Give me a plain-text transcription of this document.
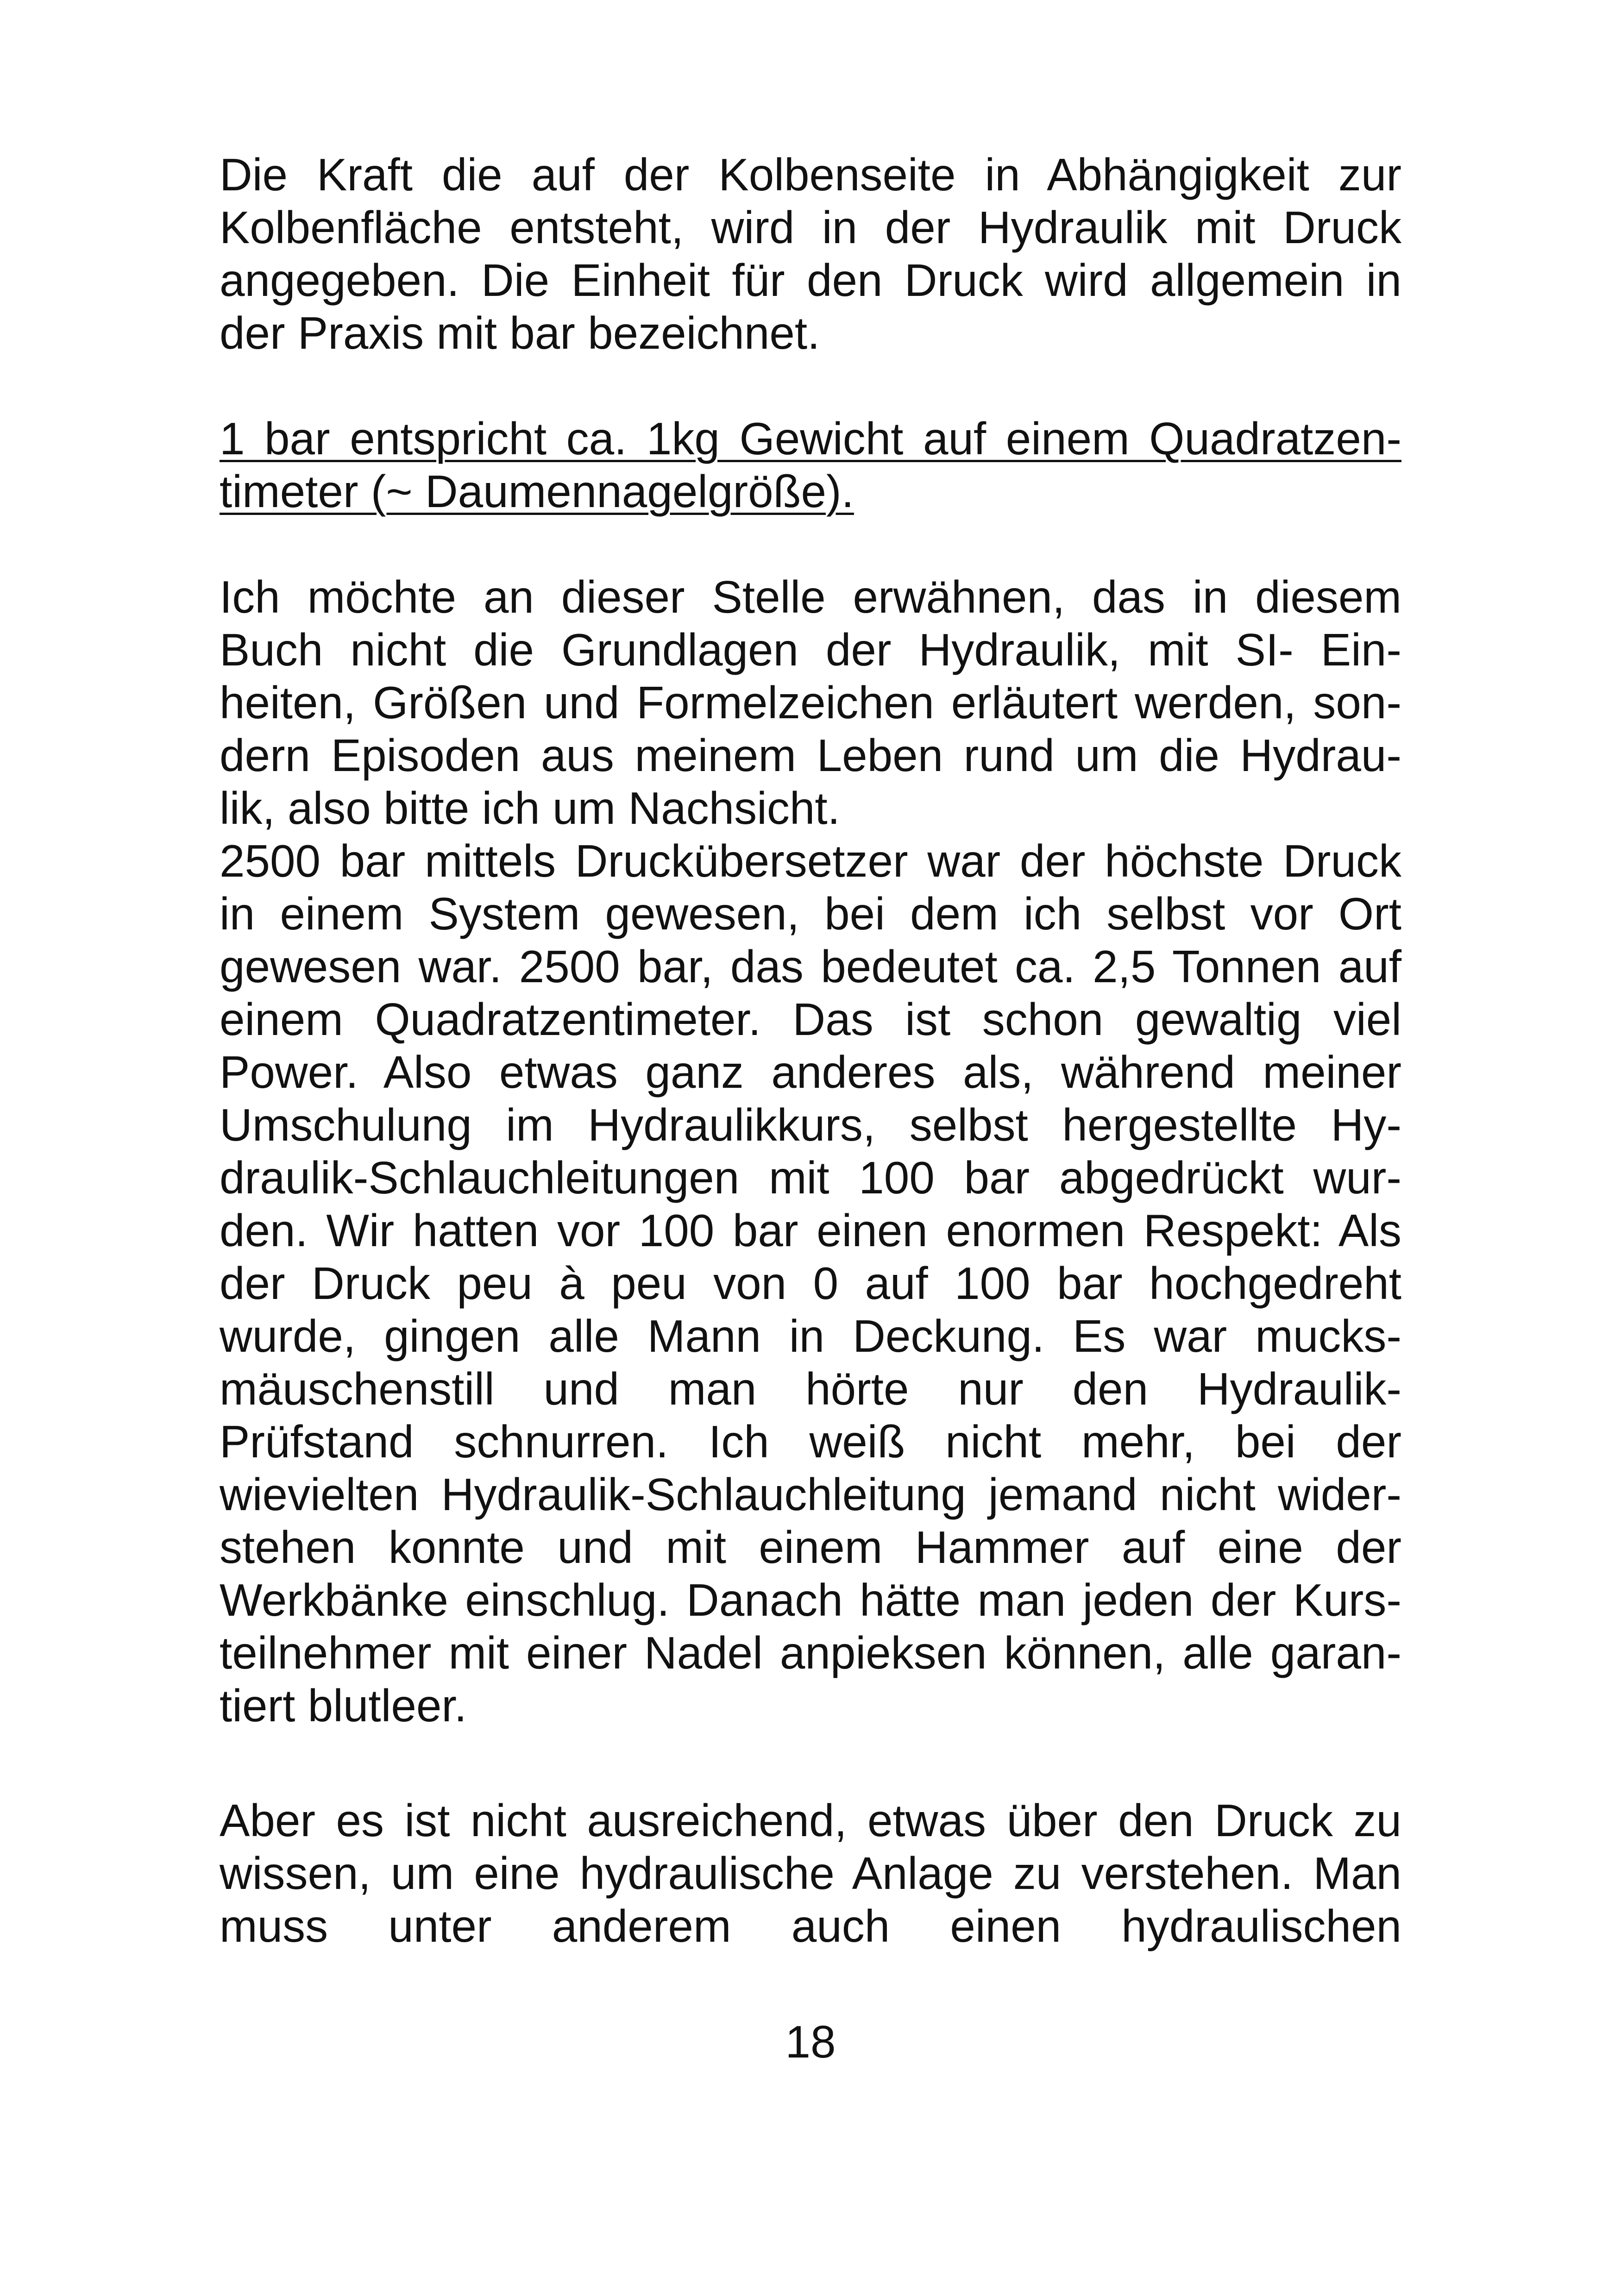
Die Kraft die auf der Kolbenseite in Abhängigkeit zur
Kolbenfläche entsteht, wird in der Hydraulik mit Druck
angegeben. Die Einheit für den Druck wird allgemein in
der Praxis mit bar bezeichnet.
1 bar entspricht ca. 1kg Gewicht auf einem Quadratzen-
timeter (~ Daumennagelgröße).
Ich möchte an dieser Stelle erwähnen, das in diesem
Buch nicht die Grundlagen der Hydraulik, mit SI- Ein-
heiten, Größen und Formelzeichen erläutert werden, son-
dern Episoden aus meinem Leben rund um die Hydrau-
lik, also bitte ich um Nachsicht.
2500 bar mittels Druckübersetzer war der höchste Druck
in einem System gewesen, bei dem ich selbst vor Ort
gewesen war. 2500 bar, das bedeutet ca. 2,5 Tonnen auf
einem Quadratzentimeter. Das ist schon gewaltig viel
Power. Also etwas ganz anderes als, während meiner
Umschulung im Hydraulikkurs, selbst hergestellte Hy-
draulik-Schlauchleitungen mit 100 bar abgedrückt wur-
den. Wir hatten vor 100 bar einen enormen Respekt: Als
der Druck peu à peu von 0 auf 100 bar hochgedreht
wurde, gingen alle Mann in Deckung. Es war mucks-
mäuschenstill und man hörte nur den Hydraulik-
Prüfstand schnurren. Ich weiß nicht mehr, bei der
wievielten Hydraulik-Schlauchleitung jemand nicht wider-
stehen konnte und mit einem Hammer auf eine der
Werkbänke einschlug. Danach hätte man jeden der Kurs-
teilnehmer mit einer Nadel anpieksen können, alle garan-
tiert blutleer.
Aber es ist nicht ausreichend, etwas über den Druck zu
wissen, um eine hydraulische Anlage zu verstehen. Man
muss unter anderem auch einen hydraulischen
18
